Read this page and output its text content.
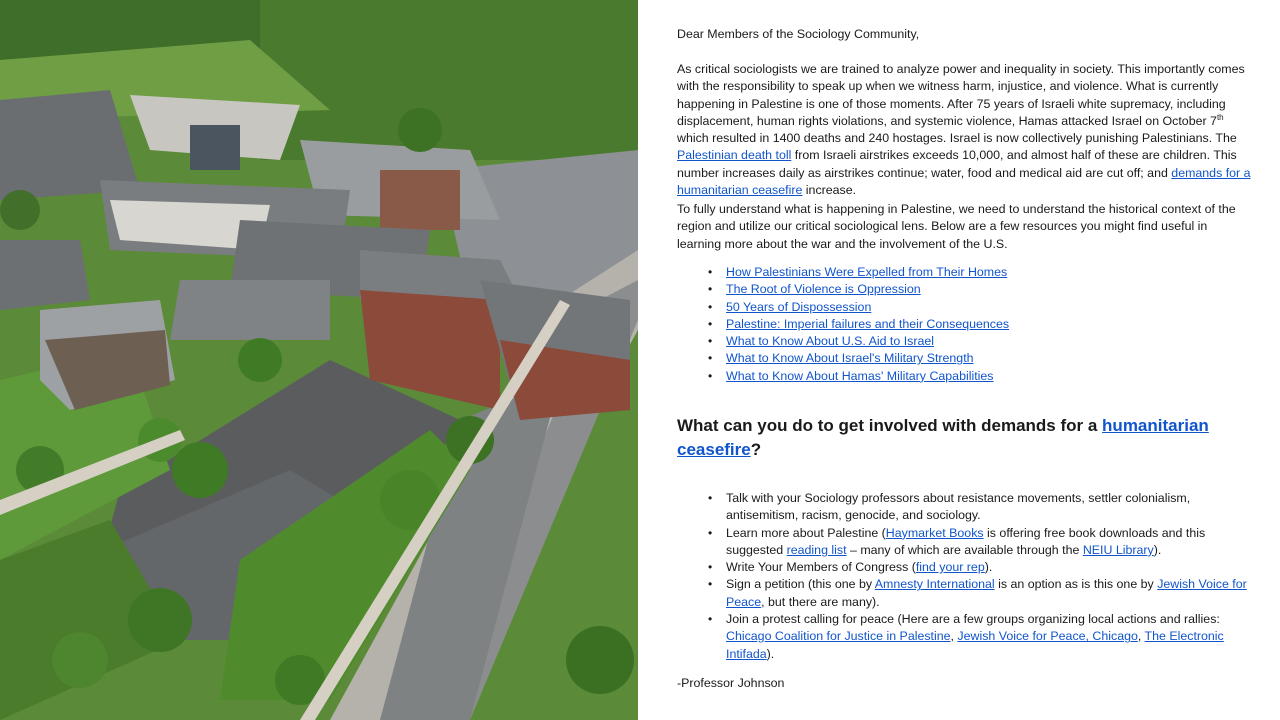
Dear Members of the Sociology Community,

As critical sociologists we are trained to analyze power and inequality in society. This importantly comes with the responsibility to speak up when we witness harm, injustice, and violence. What is currently happening in Palestine is one of those moments. After 75 years of Israeli white supremacy, including displacement, human rights violations, and systemic violence, Hamas attacked Israel on October 7th which resulted in 1400 deaths and 240 hostages. Israel is now collectively punishing Palestinians. The Palestinian death toll from Israeli airstrikes exceeds 10,000, and almost half of these are children. This number increases daily as airstrikes continue; water, food and medical aid are cut off; and demands for a humanitarian ceasefire increase.

To fully understand what is happening in Palestine, we need to understand the historical context of the region and utilize our critical sociological lens. Below are a few resources you might find useful in learning more about the war and the involvement of the U.S.

• How Palestinians Were Expelled from Their Homes
• The Root of Violence is Oppression
• 50 Years of Dispossession
• Palestine: Imperial failures and their Consequences
• What to Know About U.S. Aid to Israel
• What to Know About Israel's Military Strength
• What to Know About Hamas' Military Capabilities
What can you do to get involved with demands for a humanitarian ceasefire?
• Talk with your Sociology professors about resistance movements, settler colonialism, antisemitism, racism, genocide, and sociology.
• Learn more about Palestine (Haymarket Books is offering free book downloads and this suggested reading list – many of which are available through the NEIU Library).
• Write Your Members of Congress (find your rep).
• Sign a petition (this one by Amnesty International is an option as is this one by Jewish Voice for Peace, but there are many).
• Join a protest calling for peace (Here are a few groups organizing local actions and rallies: Chicago Coalition for Justice in Palestine, Jewish Voice for Peace, Chicago, The Electronic Intifada).

-Professor Johnson
